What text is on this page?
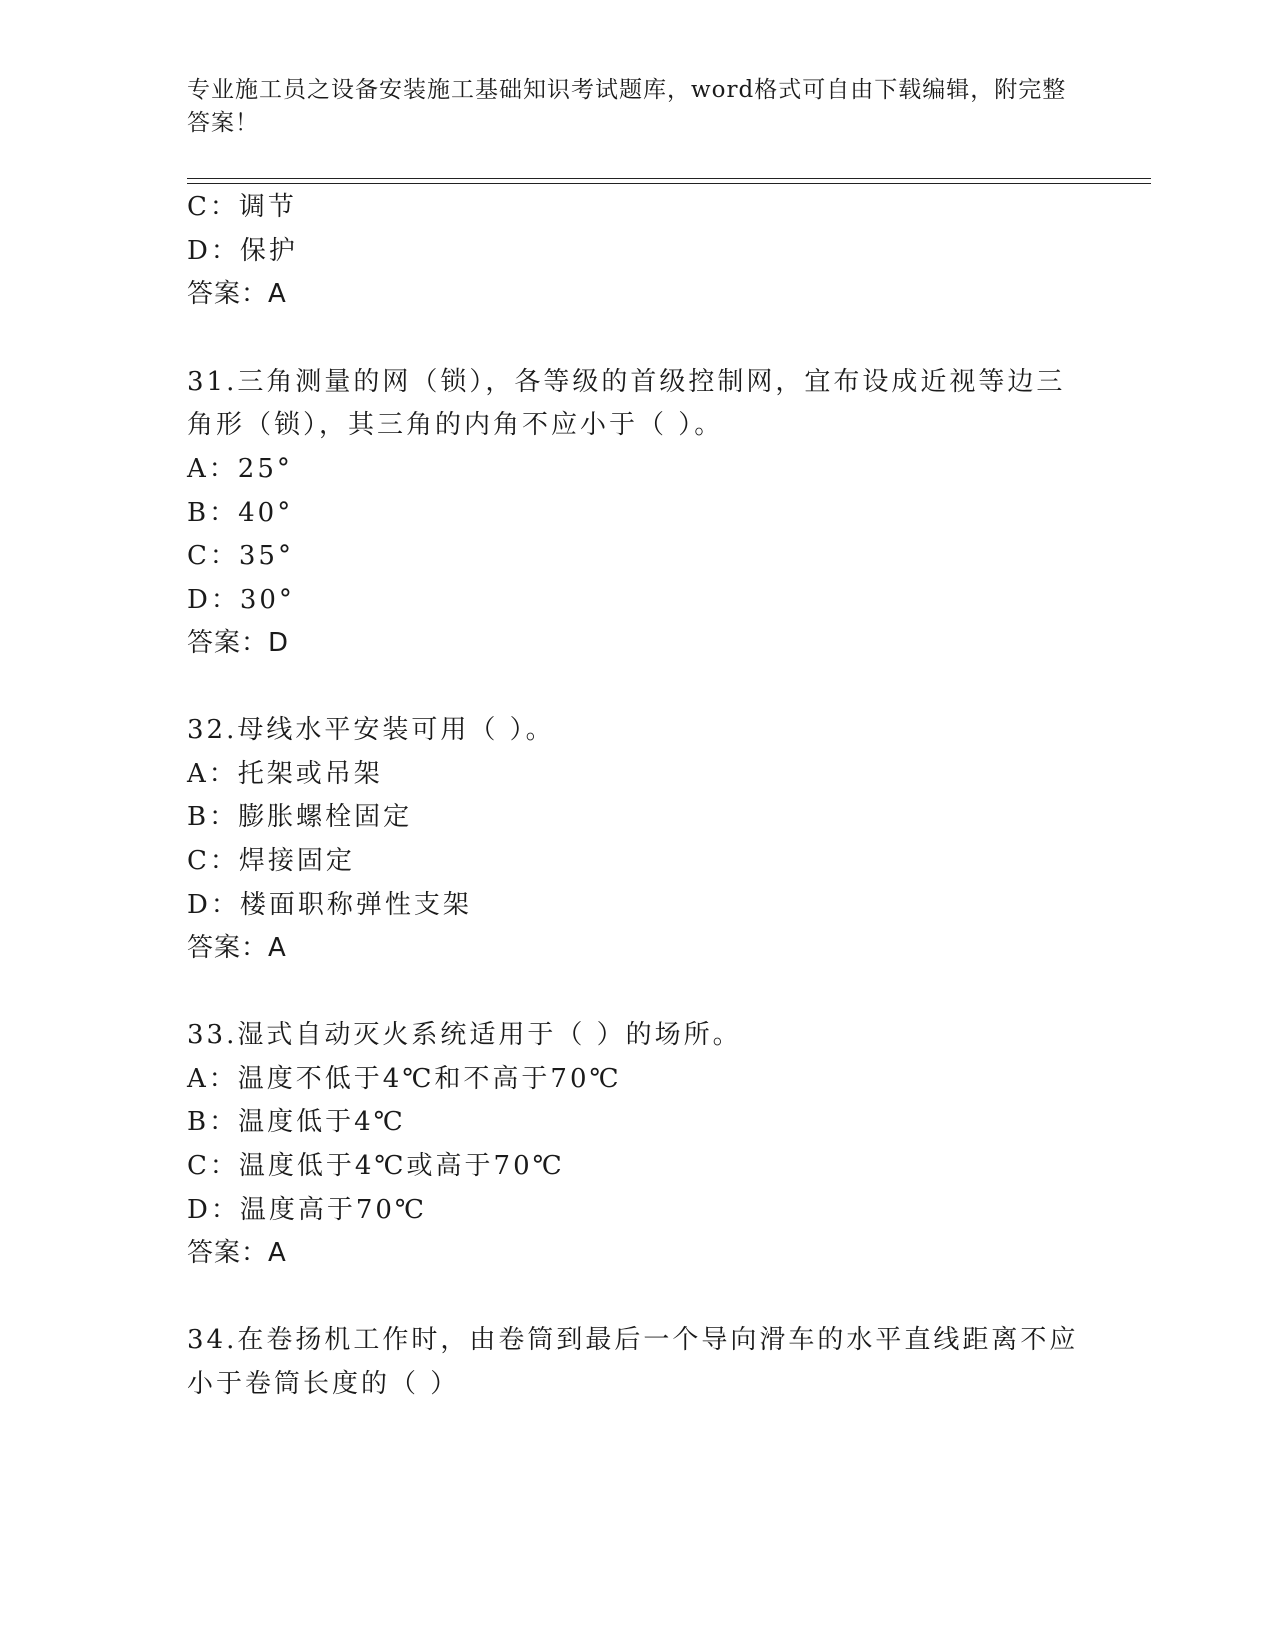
专业施工员之设备安装施工基础知识考试题库，word格式可自由下载编辑，附完整答案！
C：调节
D：保护
答案：A
31.三角测量的网（锁），各等级的首级控制网，宜布设成近视等边三
角形（锁），其三角的内角不应小于（ ）。
A：25°
B：40°
C：35°
D：30°
答案：D
32.母线水平安装可用（ ）。
A：托架或吊架
B：膨胀螺栓固定
C：焊接固定
D：楼面职称弹性支架
答案：A
33.湿式自动灭火系统适用于（ ）的场所。
A：温度不低于4℃和不高于70℃
B：温度低于4℃
C：温度低于4℃或高于70℃
D：温度高于70℃
答案：A
34.在卷扬机工作时，由卷筒到最后一个导向滑车的水平直线距离不应
小于卷筒长度的（ ）
